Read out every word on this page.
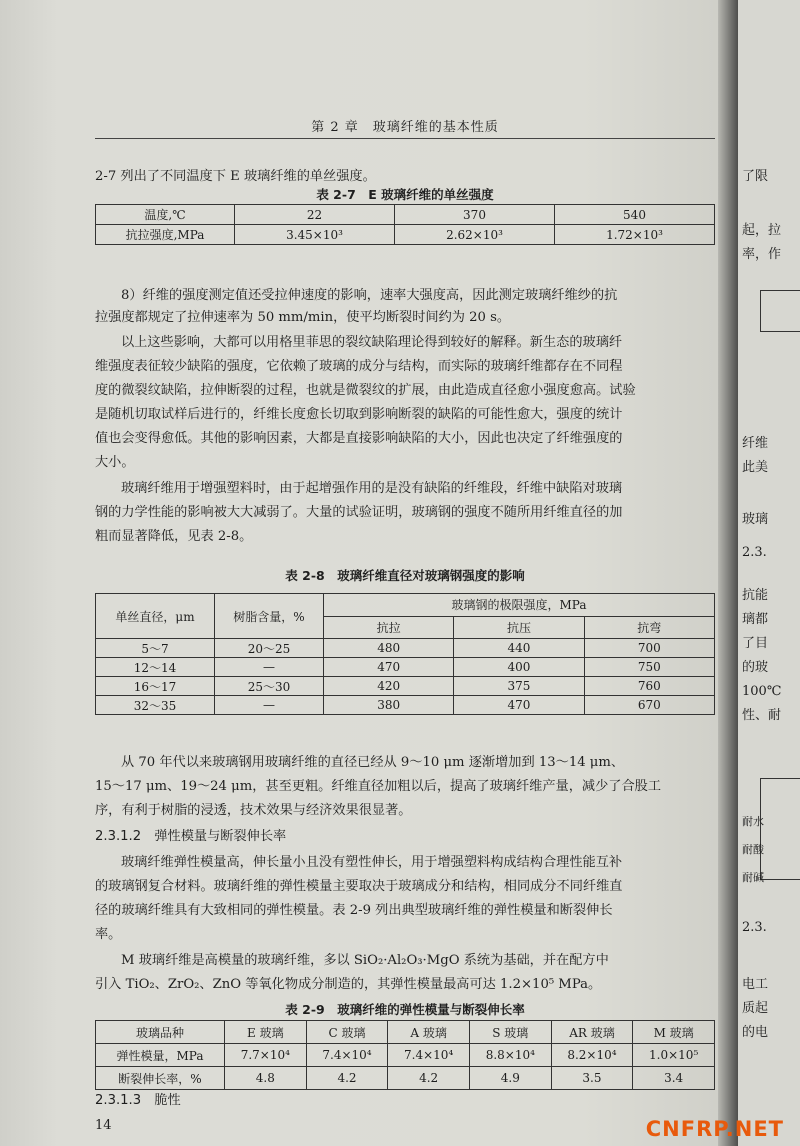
第 2 章　玻璃纤维的基本性质
2-7 列出了不同温度下 E 玻璃纤维的单丝强度。
表 2-7　E 玻璃纤维的单丝强度
温度,℃	22	370	540
抗拉强度,MPa	3.45×10³	2.62×10³	1.72×10³
8）纤维的强度测定值还受拉伸速度的影响，速率大强度高，因此测定玻璃纤维纱的抗
拉强度都规定了拉伸速率为 50 mm/min，使平均断裂时间约为 20 s。
以上这些影响，大都可以用格里菲思的裂纹缺陷理论得到较好的解释。新生态的玻璃纤
维强度表征较少缺陷的强度，它依赖了玻璃的成分与结构，而实际的玻璃纤维都存在不同程
度的微裂纹缺陷，拉伸断裂的过程，也就是微裂纹的扩展，由此造成直径愈小强度愈高。试验
是随机切取试样后进行的，纤维长度愈长切取到影响断裂的缺陷的可能性愈大，强度的统计
值也会变得愈低。其他的影响因素，大都是直接影响缺陷的大小，因此也决定了纤维强度的
大小。
玻璃纤维用于增强塑料时，由于起增强作用的是没有缺陷的纤维段，纤维中缺陷对玻璃
钢的力学性能的影响被大大减弱了。大量的试验证明，玻璃钢的强度不随所用纤维直径的加
粗而显著降低，见表 2-8。
表 2-8　玻璃纤维直径对玻璃钢强度的影响
单丝直径，μm	树脂含量，%	玻璃钢的极限强度，MPa		
		抗拉	抗压	抗弯
5～7	20～25	480	440	700
12～14	—	470	400	750
16～17	25～30	420	375	760
32～35	—	380	470	670
从 70 年代以来玻璃钢用玻璃纤维的直径已经从 9～10 μm 逐渐增加到 13～14 μm、
15～17 μm、19～24 μm，甚至更粗。纤维直径加粗以后，提高了玻璃纤维产量，减少了合股工
序，有利于树脂的浸透，技术效果与经济效果很显著。
2.3.1.2　弹性模量与断裂伸长率
玻璃纤维弹性模量高，伸长量小且没有塑性伸长，用于增强塑料构成结构合理性能互补
的玻璃钢复合材料。玻璃纤维的弹性模量主要取决于玻璃成分和结构，相同成分不同纤维直
径的玻璃纤维具有大致相同的弹性模量。表 2-9 列出典型玻璃纤维的弹性模量和断裂伸长
率。
M 玻璃纤维是高模量的玻璃纤维，多以 SiO₂·Al₂O₃·MgO 系统为基础，并在配方中
引入 TiO₂、ZrO₂、ZnO 等氧化物成分制造的，其弹性模量最高可达 1.2×10⁵ MPa。
表 2-9　玻璃纤维的弹性模量与断裂伸长率
玻璃品种	E 玻璃	C 玻璃	A 玻璃	S 玻璃	AR 玻璃	M 玻璃
弹性模量，MPa	7.7×10⁴	7.4×10⁴	7.4×10⁴	8.8×10⁴	8.2×10⁴	1.0×10⁵
断裂伸长率，%	4.8	4.2	4.2	4.9	3.5	3.4
2.3.1.3　脆性
14
了限
起，拉
率，作
纤维
此美
玻璃
2.3.
抗能
璃都
了目
的玻
100℃
性、耐
耐水
耐酸
耐碱
2.3.
电工
质起
的电
CNFRP.NET
